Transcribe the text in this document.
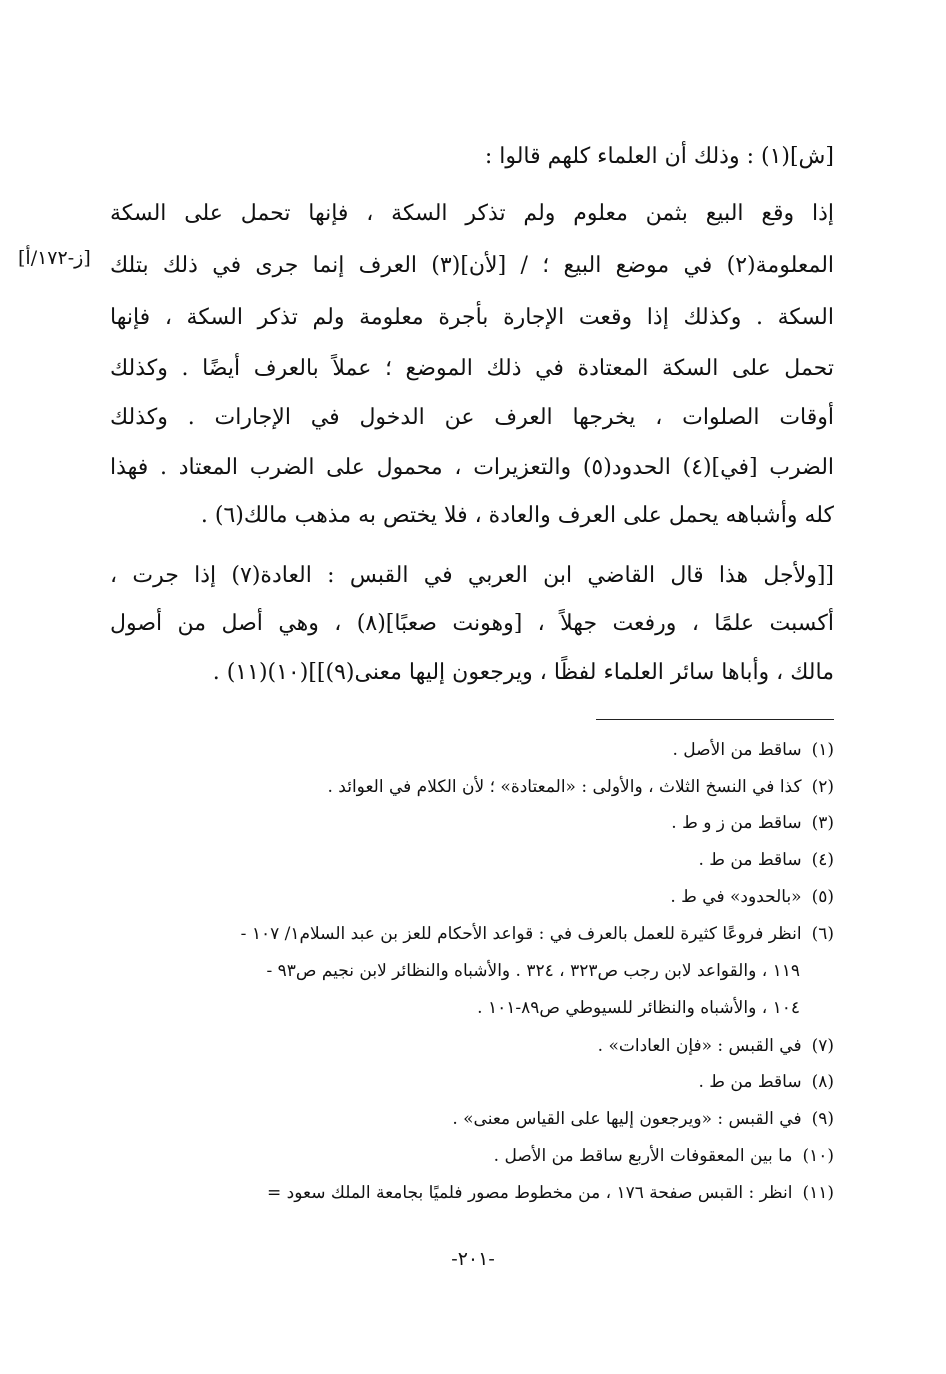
[ش](١) : وذلك أن العلماء كلهم قالوا :
إذا وقع البيع بثمن معلوم ولم تذكر السكة ، فإنها تحمل على السكة
المعلومة(٢) في موضع البيع ؛ / [لأن](٣) العرف إنما جرى في ذلك بتلك
السكة . وكذلك إذا وقعت الإجارة بأجرة معلومة ولم تذكر السكة ، فإنها
تحمل على السكة المعتادة في ذلك الموضع ؛ عملاً بالعرف أيضًا . وكذلك
أوقات الصلوات ، يخرجها العرف عن الدخول في الإجارات . وكذلك
الضرب [في](٤) الحدود(٥) والتعزيرات ، محمول على الضرب المعتاد . فهذا
كله وأشباهه يحمل على العرف والعادة ، فلا يختص به مذهب مالك(٦) .
[[ولأجل هذا قال القاضي ابن العربي في القبس : العادة(٧) إذا جرت ،
أكسبت علمًا ، ورفعت جهلاً ، [وهونت صعبًا](٨) ، وهي أصل من أصول
مالك ، وأباها سائر العلماء لفظًا ، ويرجعون إليها معنى(٩)]](١٠)(١١) .
[ز-١٧٢/أ]
(١)ساقط من الأصل .
(٢)كذا في النسخ الثلاث ، والأولى : «المعتادة» ؛ لأن الكلام في العوائد .
(٣)ساقط من ز و ط .
(٤)ساقط من ط .
(٥)«بالحدود» في ط .
(٦)انظر فروعًا كثيرة للعمل بالعرف في : قواعد الأحكام للعز بن عبد السلام١/ ١٠٧ -
١١٩ ، والقواعد لابن رجب ص٣٢٣ ، ٣٢٤ . والأشباه والنظائر لابن نجيم ص٩٣ -
١٠٤ ، والأشباه والنظائر للسيوطي ص٨٩-١٠١ .
(٧)في القبس : «فإن العادات» .
(٨)ساقط من ط .
(٩)في القبس : «ويرجعون إليها على القياس معنى» .
(١٠)ما بين المعقوفات الأربع ساقط من الأصل .
(١١)انظر : القبس صفحة ١٧٦ ، من مخطوط مصور فلميًا بجامعة الملك سعود =
-٢٠١-
